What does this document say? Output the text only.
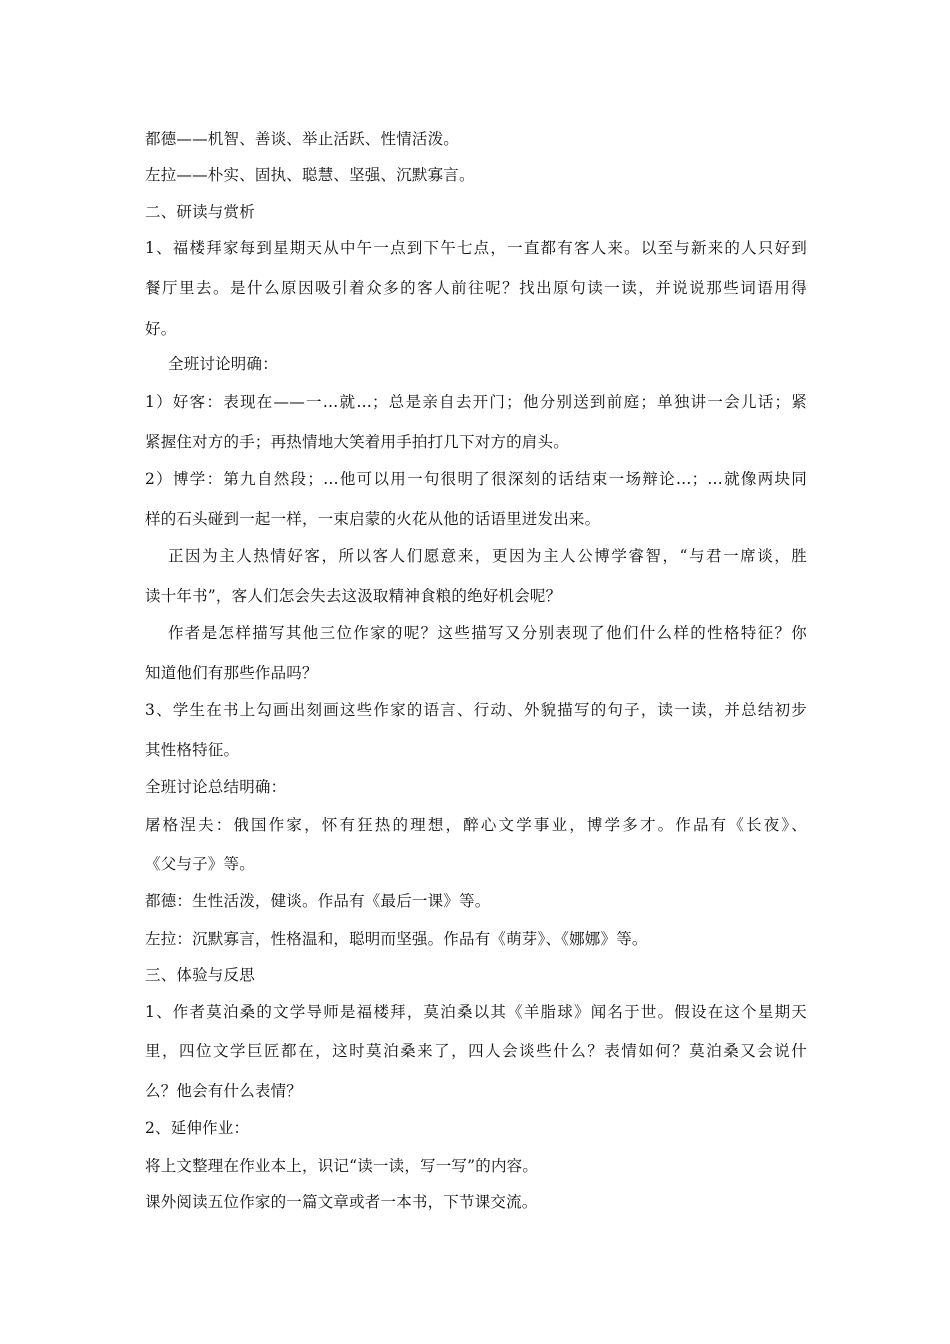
都德——机智、善谈、举止活跃、性情活泼。
左拉——朴实、固执、聪慧、坚强、沉默寡言。
二、研读与赏析
1、福楼拜家每到星期天从中午一点到下午七点，一直都有客人来。以至与新来的人只好到
餐厅里去。是什么原因吸引着众多的客人前往呢？找出原句读一读，并说说那些词语用得
好。
全班讨论明确：
1）好客：表现在——一…就…；总是亲自去开门；他分别送到前庭；单独讲一会儿话；紧
紧握住对方的手；再热情地大笑着用手拍打几下对方的肩头。
2）博学：第九自然段；…他可以用一句很明了很深刻的话结束一场辩论…；…就像两块同
样的石头碰到一起一样，一束启蒙的火花从他的话语里迸发出来。
正因为主人热情好客，所以客人们愿意来，更因为主人公博学睿智，“与君一席谈，胜
读十年书”，客人们怎会失去这汲取精神食粮的绝好机会呢？
作者是怎样描写其他三位作家的呢？这些描写又分别表现了他们什么样的性格特征？你
知道他们有那些作品吗？
3、学生在书上勾画出刻画这些作家的语言、行动、外貌描写的句子，读一读，并总结初步
其性格特征。
全班讨论总结明确：
屠格涅夫：俄国作家，怀有狂热的理想，醉心文学事业，博学多才。作品有《长夜》、
《父与子》等。
都德：生性活泼，健谈。作品有《最后一课》等。
左拉：沉默寡言，性格温和，聪明而坚强。作品有《萌芽》、《娜娜》等。
三、体验与反思
1、作者莫泊桑的文学导师是福楼拜，莫泊桑以其《羊脂球》闻名于世。假设在这个星期天
里，四位文学巨匠都在，这时莫泊桑来了，四人会谈些什么？表情如何？莫泊桑又会说什
么？他会有什么表情？
2、延伸作业：
将上文整理在作业本上，识记“读一读，写一写”的内容。
课外阅读五位作家的一篇文章或者一本书，下节课交流。
